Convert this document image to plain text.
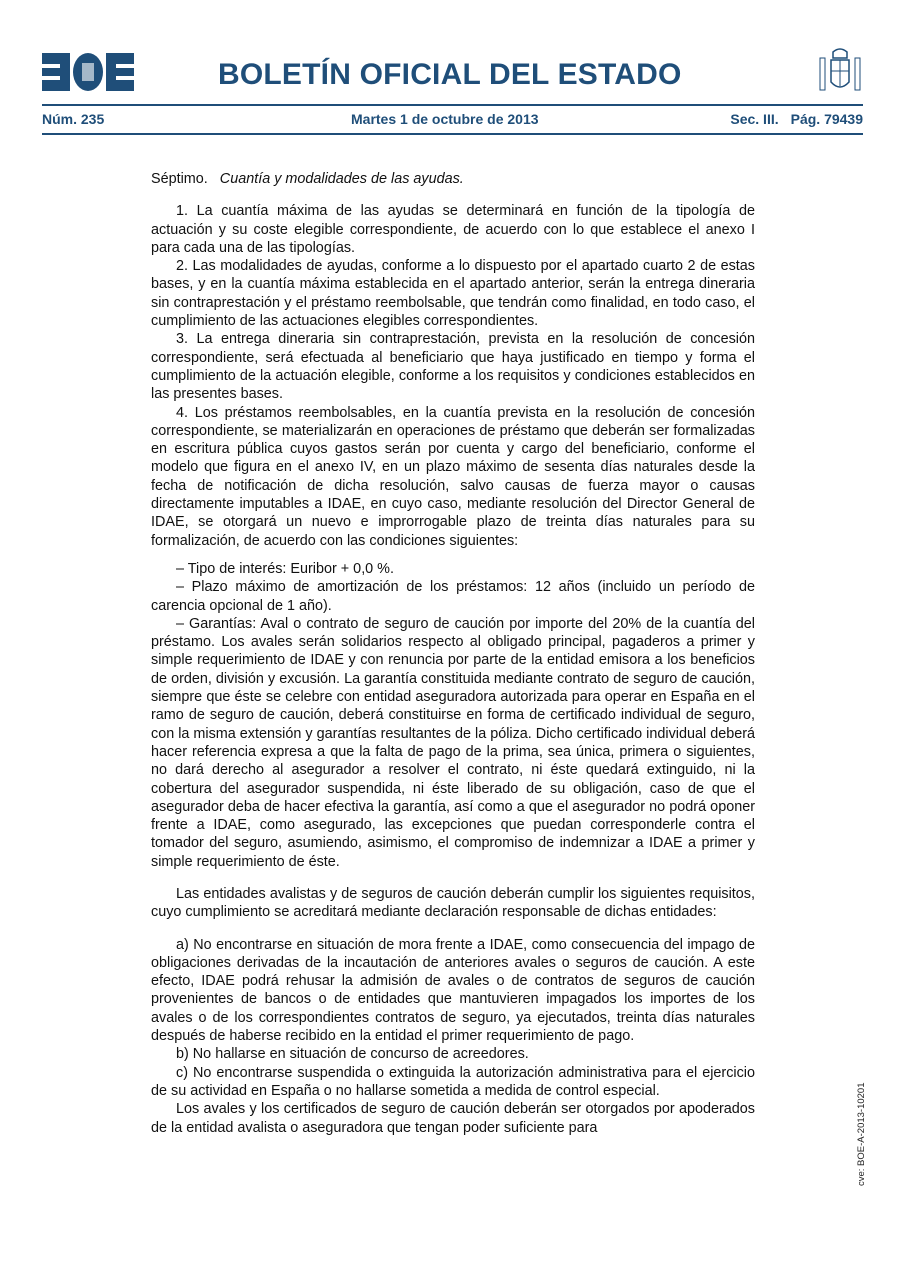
BOLETÍN OFICIAL DEL ESTADO
Núm. 235	Martes 1 de octubre de 2013	Sec. III. Pág. 79439

Séptimo. Cuantía y modalidades de las ayudas.

1. La cuantía máxima de las ayudas se determinará en función de la tipología de actuación y su coste elegible correspondiente, de acuerdo con lo que establece el anexo I para cada una de las tipologías.

2. Las modalidades de ayudas, conforme a lo dispuesto por el apartado cuarto 2 de estas bases, y en la cuantía máxima establecida en el apartado anterior, serán la entrega dineraria sin contraprestación y el préstamo reembolsable, que tendrán como finalidad, en todo caso, el cumplimiento de las actuaciones elegibles correspondientes.

3. La entrega dineraria sin contraprestación, prevista en la resolución de concesión correspondiente, será efectuada al beneficiario que haya justificado en tiempo y forma el cumplimiento de la actuación elegible, conforme a los requisitos y condiciones establecidos en las presentes bases.

4. Los préstamos reembolsables, en la cuantía prevista en la resolución de concesión correspondiente, se materializarán en operaciones de préstamo que deberán ser formalizadas en escritura pública cuyos gastos serán por cuenta y cargo del beneficiario, conforme el modelo que figura en el anexo IV, en un plazo máximo de sesenta días naturales desde la fecha de notificación de dicha resolución, salvo causas de fuerza mayor o causas directamente imputables a IDAE, en cuyo caso, mediante resolución del Director General de IDAE, se otorgará un nuevo e improrrogable plazo de treinta días naturales para su formalización, de acuerdo con las condiciones siguientes:

– Tipo de interés: Euribor + 0,0 %.

– Plazo máximo de amortización de los préstamos: 12 años (incluido un período de carencia opcional de 1 año).

– Garantías: Aval o contrato de seguro de caución por importe del 20% de la cuantía del préstamo. Los avales serán solidarios respecto al obligado principal, pagaderos a primer y simple requerimiento de IDAE y con renuncia por parte de la entidad emisora a los beneficios de orden, división y excusión. La garantía constituida mediante contrato de seguro de caución, siempre que éste se celebre con entidad aseguradora autorizada para operar en España en el ramo de seguro de caución, deberá constituirse en forma de certificado individual de seguro, con la misma extensión y garantías resultantes de la póliza. Dicho certificado individual deberá hacer referencia expresa a que la falta de pago de la prima, sea única, primera o siguientes, no dará derecho al asegurador a resolver el contrato, ni éste quedará extinguido, ni la cobertura del asegurador suspendida, ni éste liberado de su obligación, caso de que el asegurador deba de hacer efectiva la garantía, así como a que el asegurador no podrá oponer frente a IDAE, como asegurado, las excepciones que puedan corresponderle contra el tomador del seguro, asumiendo, asimismo, el compromiso de indemnizar a IDAE a primer y simple requerimiento de éste.

Las entidades avalistas y de seguros de caución deberán cumplir los siguientes requisitos, cuyo cumplimiento se acreditará mediante declaración responsable de dichas entidades:

a) No encontrarse en situación de mora frente a IDAE, como consecuencia del impago de obligaciones derivadas de la incautación de anteriores avales o seguros de caución. A este efecto, IDAE podrá rehusar la admisión de avales o de contratos de seguros de caución provenientes de bancos o de entidades que mantuvieren impagados los importes de los avales o de los correspondientes contratos de seguro, ya ejecutados, treinta días naturales después de haberse recibido en la entidad el primer requerimiento de pago.

b) No hallarse en situación de concurso de acreedores.

c) No encontrarse suspendida o extinguida la autorización administrativa para el ejercicio de su actividad en España o no hallarse sometida a medida de control especial.

Los avales y los certificados de seguro de caución deberán ser otorgados por apoderados de la entidad avalista o aseguradora que tengan poder suficiente para	cve: BOE-A-2013-10201
